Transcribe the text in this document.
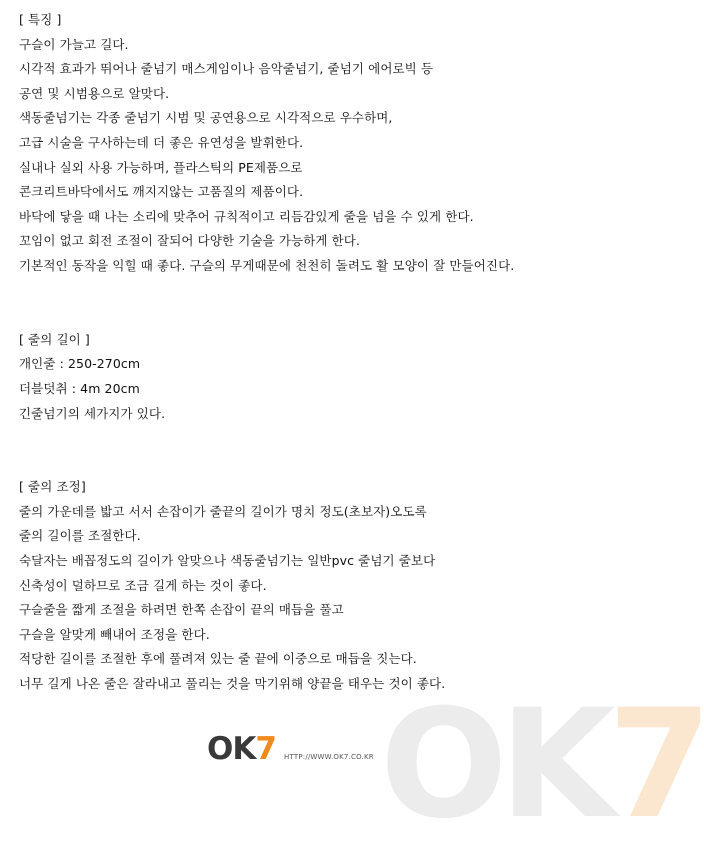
[ 특징 ]
구슬이 가늘고 길다.
시각적 효과가 뛰어나 줄넘기 매스게임이나 음악줄넘기, 줄넘기 에어로빅 등
공연 및 시범용으로 알맞다.
색동줄넘기는 각종 줄넘기 시범 및 공연용으로 시각적으로 우수하며,
고급 시술을 구사하는데 더 좋은 유연성을 발휘한다.
실내나 실외 사용 가능하며, 플라스틱의 PE제품으로
콘크리트바닥에서도 깨지지않는 고품질의 제품이다.
바닥에 닿을 때 나는 소리에 맞추어 규칙적이고 리듬감있게 줄을 넘을 수 있게 한다.
꼬임이 없고 회전 조절이 잘되어 다양한 기술을 가능하게 한다.
기본적인 동작을 익힐 때 좋다. 구슬의 무게때문에 천천히 돌려도 활 모양이 잘 만들어진다.
[ 줄의 길이 ]
개인줄 : 250-270cm
더블덧취 : 4m 20cm
긴줄넘기의 세가지가 있다.
[ 줄의 조정]
줄의 가운데를 밟고 서서 손잡이가 줄끝의 길이가 명치 정도(초보자)오도록
줄의 길이를 조절한다.
숙달자는 배꼽정도의 길이가 알맞으나 색동줄넘기는 일반pvc 줄넘기 줄보다
신축성이 덜하므로 조금 길게 하는 것이 좋다.
구슬줄을 짧게 조절을 하려면 한쪽 손잡이 끝의 매듭을 풀고
구슬을 알맞게 빼내어 조정을 한다.
적당한 길이를 조절한 후에 풀려져 있는 줄 끝에 이중으로 매듭을 짓는다.
너무 길게 나온 줄은 잘라내고 풀리는 것을 막기위해 양끝을 태우는 것이 좋다.
OK7
OK7 HTTP://WWW.OK7.CO.KR
